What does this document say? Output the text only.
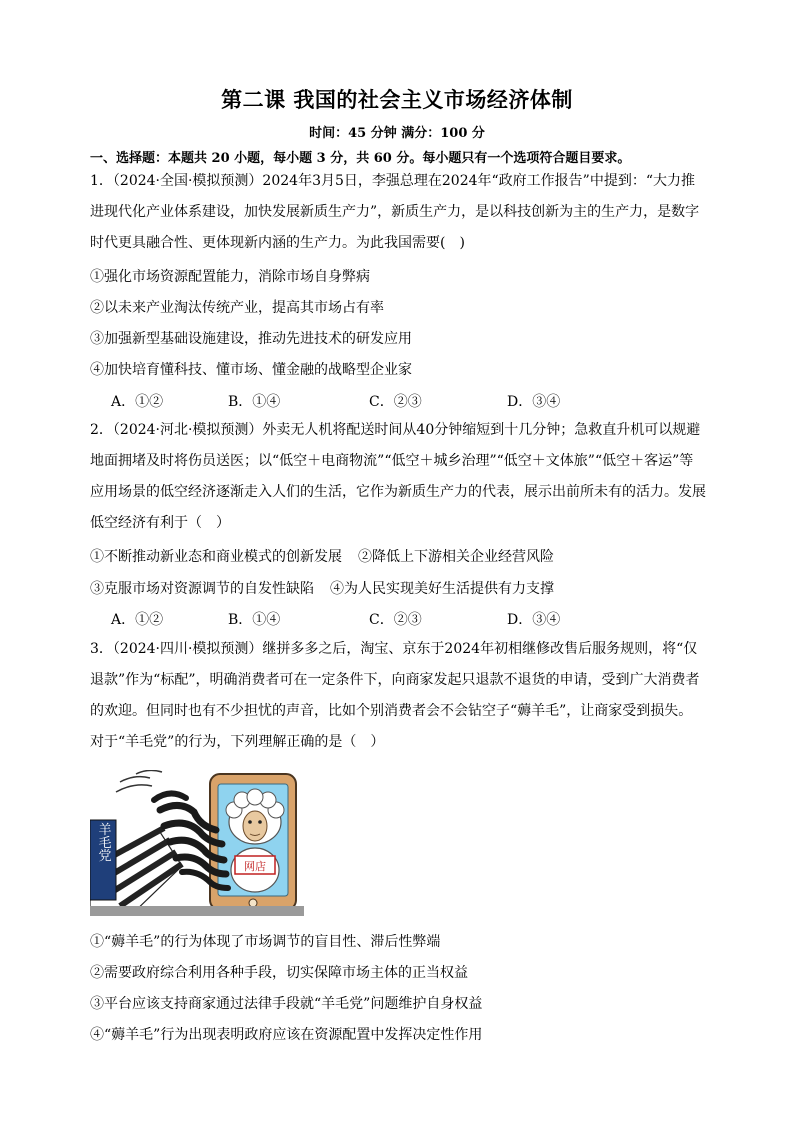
第二课 我国的社会主义市场经济体制
时间：45 分钟 满分：100 分
一、选择题：本题共 20 小题，每小题 3 分，共 60 分。每小题只有一个选项符合题目要求。
1．（2024·全国·模拟预测）2024年3月5日，李强总理在2024年“政府工作报告”中提到：“大力推进现代化产业体系建设，加快发展新质生产力”，新质生产力，是以科技创新为主的生产力，是数字时代更具融合性、更体现新内涵的生产力。为此我国需要(　)
①强化市场资源配置能力，消除市场自身弊病
②以未来产业淘汰传统产业，提高其市场占有率
③加强新型基础设施建设，推动先进技术的研发应用
④加快培育懂科技、懂市场、懂金融的战略型企业家
A．①②	B．①④	C．②③	D．③④
2．（2024·河北·模拟预测）外卖无人机将配送时间从40分钟缩短到十几分钟；急救直升机可以规避地面拥堵及时将伤员送医；以“低空＋电商物流”“低空＋城乡治理”“低空＋文体旅”“低空＋客运”等应用场景的低空经济逐渐走入人们的生活，它作为新质生产力的代表，展示出前所未有的活力。发展低空经济有利于（　）
①不断推动新业态和商业模式的创新发展 ②降低上下游相关企业经营风险
③克服市场对资源调节的自发性缺陷 ④为人民实现美好生活提供有力支撑
A．①②	B．①④	C．②③	D．③④
3．（2024·四川·模拟预测）继拼多多之后，淘宝、京东于2024年初相继修改售后服务规则，将“仅退款”作为“标配”，明确消费者可在一定条件下，向商家发起只退款不退货的申请，受到广大消费者的欢迎。但同时也有不少担忧的声音，比如个别消费者会不会钻空子“薅羊毛”，让商家受到损失。对于“羊毛党”的行为，下列理解正确的是（　）
羊毛党
网店
①“薅羊毛”的行为体现了市场调节的盲目性、滞后性弊端
②需要政府综合利用各种手段，切实保障市场主体的正当权益
③平台应该支持商家通过法律手段就“羊毛党”问题维护自身权益
④“薅羊毛”行为出现表明政府应该在资源配置中发挥决定性作用
